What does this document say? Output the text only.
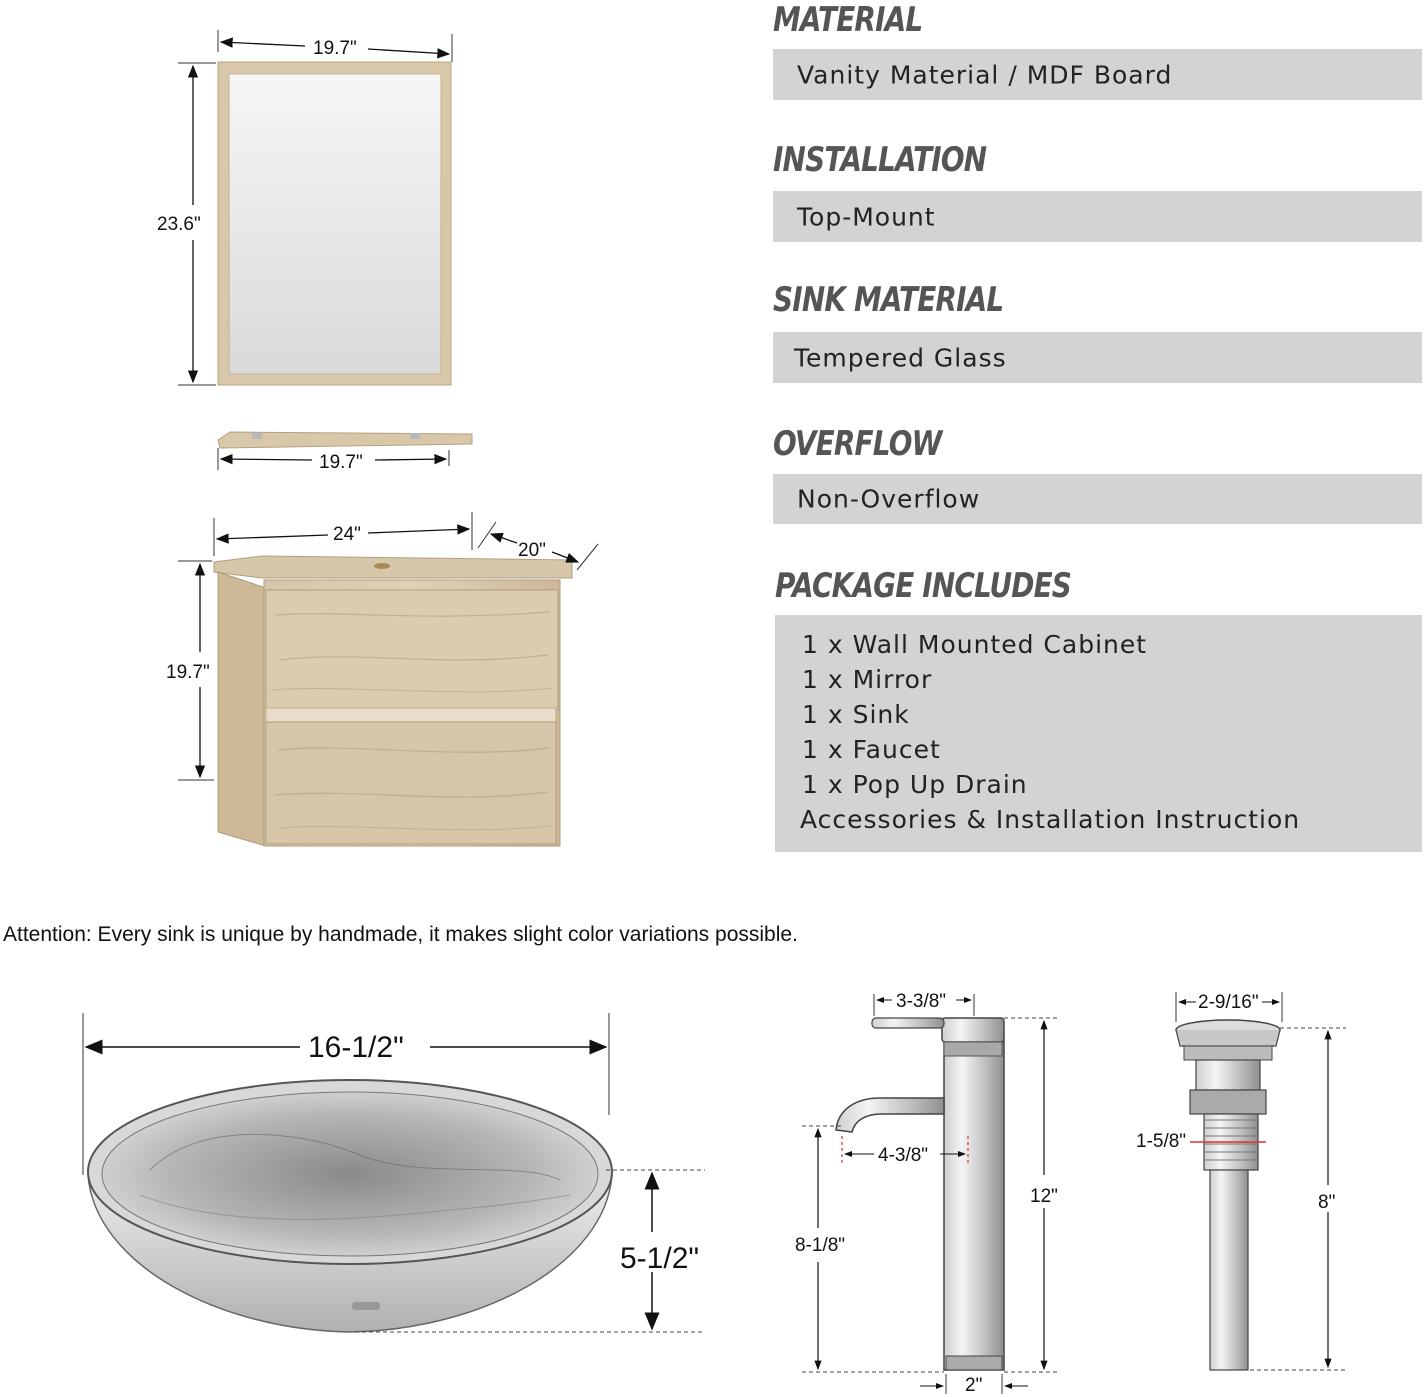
MATERIAL
Vanity Material / MDF Board
INSTALLATION
Top-Mount
SINK MATERIAL
Tempered Glass
OVERFLOW
Non-Overflow
PACKAGE INCLUDES
1 x Wall Mounted Cabinet
1 x Mirror
1 x Sink
1 x Faucet
1 x Pop Up Drain
Accessories & Installation Instruction
19.7"
23.6"
19.7"
24"
20"
19.7"
Attention: Every sink is unique by handmade, it makes slight color variations possible.
16-1/2"
5-1/2"
3-3/8"
4-3/8"
8-1/8"
12"
2"
2-9/16"
1-5/8"
8"
